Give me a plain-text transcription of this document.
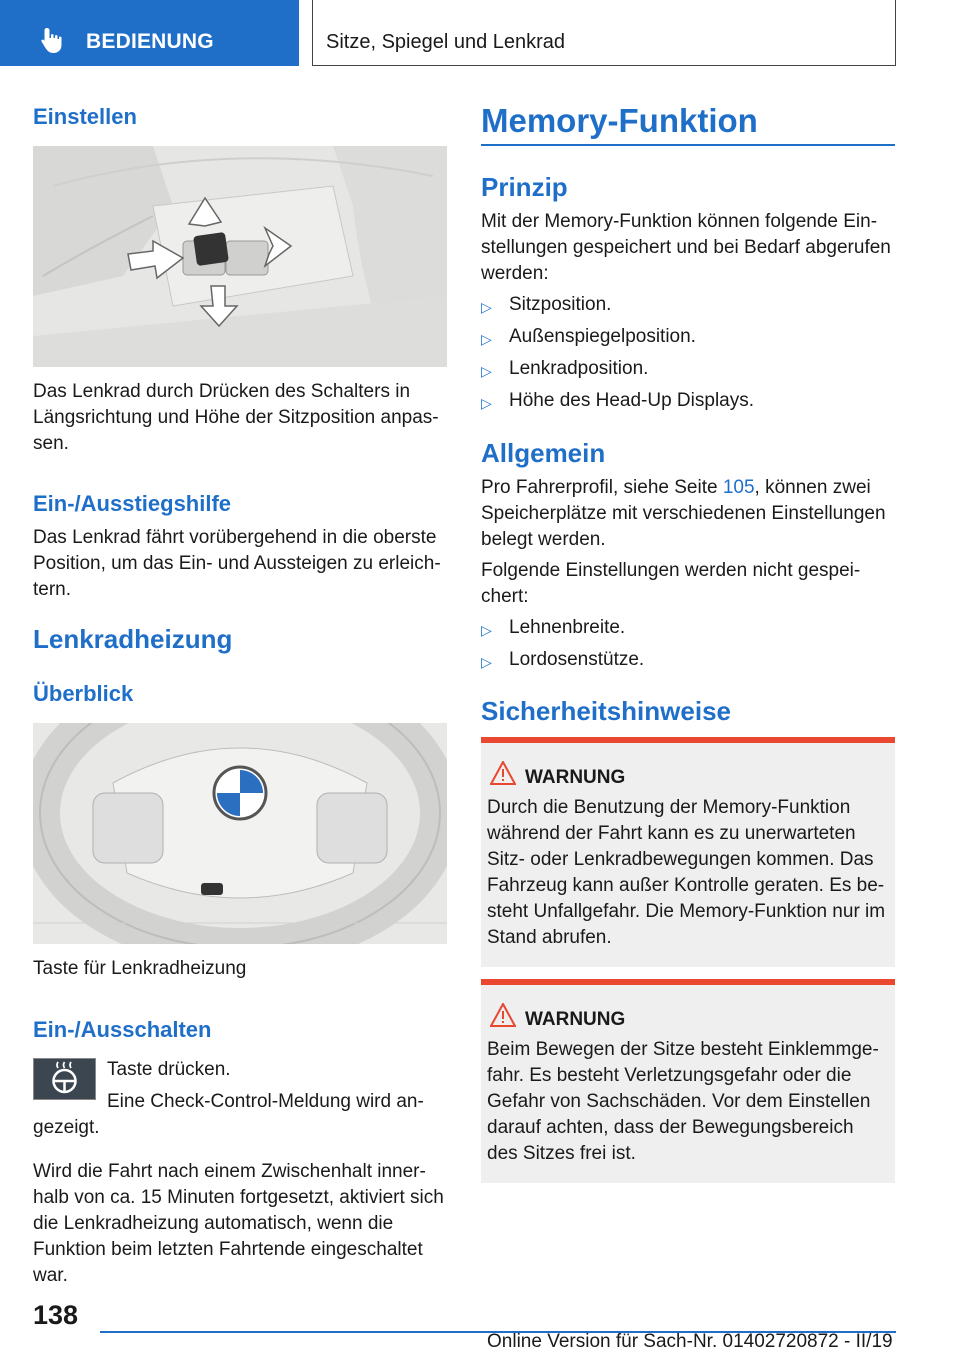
BEDIENUNG	Sitze, Spiegel und Lenkrad
Einstellen
Das Lenkrad durch Drücken des Schalters in Längsrichtung und Höhe der Sitzposition anpas-sen.
Ein-/Ausstiegshilfe
Das Lenkrad fährt vorübergehend in die oberste Position, um das Ein- und Aussteigen zu erleich-tern.
Lenkradheizung
Überblick
Taste für Lenkradheizung
Ein-/Ausschalten
Taste drücken.
Eine Check-Control-Meldung wird an-
gezeigt.
Wird die Fahrt nach einem Zwischenhalt inner-halb von ca. 15 Minuten fortgesetzt, aktiviert sich die Lenkradheizung automatisch, wenn die Funktion beim letzten Fahrtende eingeschaltet war.
Memory-Funktion
Prinzip
Mit der Memory-Funktion können folgende Ein-stellungen gespeichert und bei Bedarf abgerufen werden:
▷ Sitzposition.
▷ Außenspiegelposition.
▷ Lenkradposition.
▷ Höhe des Head-Up Displays.
Allgemein
Pro Fahrerprofil, siehe Seite 105, können zwei Speicherplätze mit verschiedenen Einstellungen belegt werden.
Folgende Einstellungen werden nicht gespei-chert:
▷ Lehnenbreite.
▷ Lordosenstütze.
Sicherheitshinweise
WARNUNG
Durch die Benutzung der Memory-Funktion während der Fahrt kann es zu unerwarteten Sitz- oder Lenkradbewegungen kommen. Das Fahrzeug kann außer Kontrolle geraten. Es be-steht Unfallgefahr. Die Memory-Funktion nur im Stand abrufen.
WARNUNG
Beim Bewegen der Sitze besteht Einklemmge-fahr. Es besteht Verletzungsgefahr oder die Gefahr von Sachschäden. Vor dem Einstellen darauf achten, dass der Bewegungsbereich des Sitzes frei ist.
138
Online Version für Sach-Nr. 01402720872 - II/19
